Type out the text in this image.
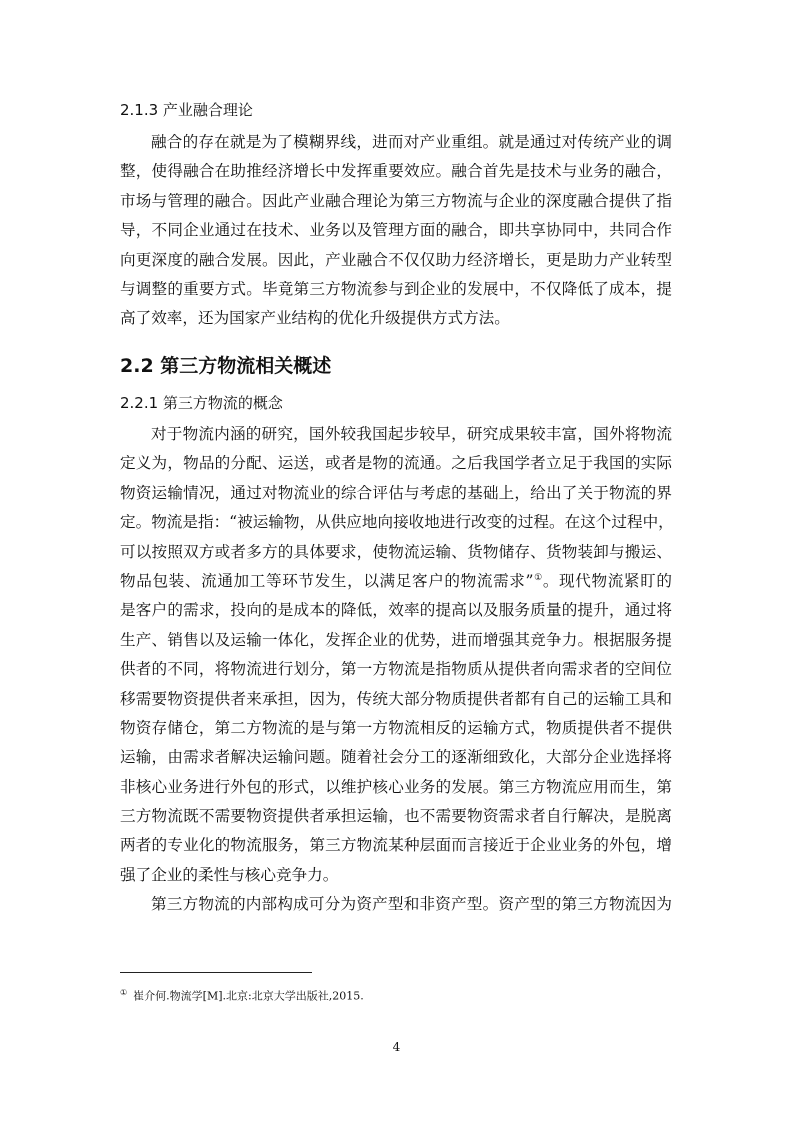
2.1.3 产业融合理论
融合的存在就是为了模糊界线，进而对产业重组。就是通过对传统产业的调
整，使得融合在助推经济增长中发挥重要效应。融合首先是技术与业务的融合，
市场与管理的融合。因此产业融合理论为第三方物流与企业的深度融合提供了指
导，不同企业通过在技术、业务以及管理方面的融合，即共享协同中，共同合作
向更深度的融合发展。因此，产业融合不仅仅助力经济增长，更是助力产业转型
与调整的重要方式。毕竟第三方物流参与到企业的发展中，不仅降低了成本，提
高了效率，还为国家产业结构的优化升级提供方式方法。
2.2 第三方物流相关概述
2.2.1 第三方物流的概念
对于物流内涵的研究，国外较我国起步较早，研究成果较丰富，国外将物流
定义为，物品的分配、运送，或者是物的流通。之后我国学者立足于我国的实际
物资运输情况，通过对物流业的综合评估与考虑的基础上，给出了关于物流的界
定。物流是指：“被运输物，从供应地向接收地进行改变的过程。在这个过程中，
可以按照双方或者多方的具体要求，使物流运输、货物储存、货物装卸与搬运、
物品包装、流通加工等环节发生，以满足客户的物流需求”①。现代物流紧盯的
是客户的需求，投向的是成本的降低，效率的提高以及服务质量的提升，通过将
生产、销售以及运输一体化，发挥企业的优势，进而增强其竞争力。根据服务提
供者的不同，将物流进行划分，第一方物流是指物质从提供者向需求者的空间位
移需要物资提供者来承担，因为，传统大部分物质提供者都有自己的运输工具和
物资存储仓，第二方物流的是与第一方物流相反的运输方式，物质提供者不提供
运输，由需求者解决运输问题。随着社会分工的逐渐细致化，大部分企业选择将
非核心业务进行外包的形式，以维护核心业务的发展。第三方物流应用而生，第
三方物流既不需要物资提供者承担运输，也不需要物资需求者自行解决，是脱离
两者的专业化的物流服务，第三方物流某种层面而言接近于企业业务的外包，增
强了企业的柔性与核心竞争力。
第三方物流的内部构成可分为资产型和非资产型。资产型的第三方物流因为
① 崔介何.物流学[M].北京:北京大学出版社,2015.
4
